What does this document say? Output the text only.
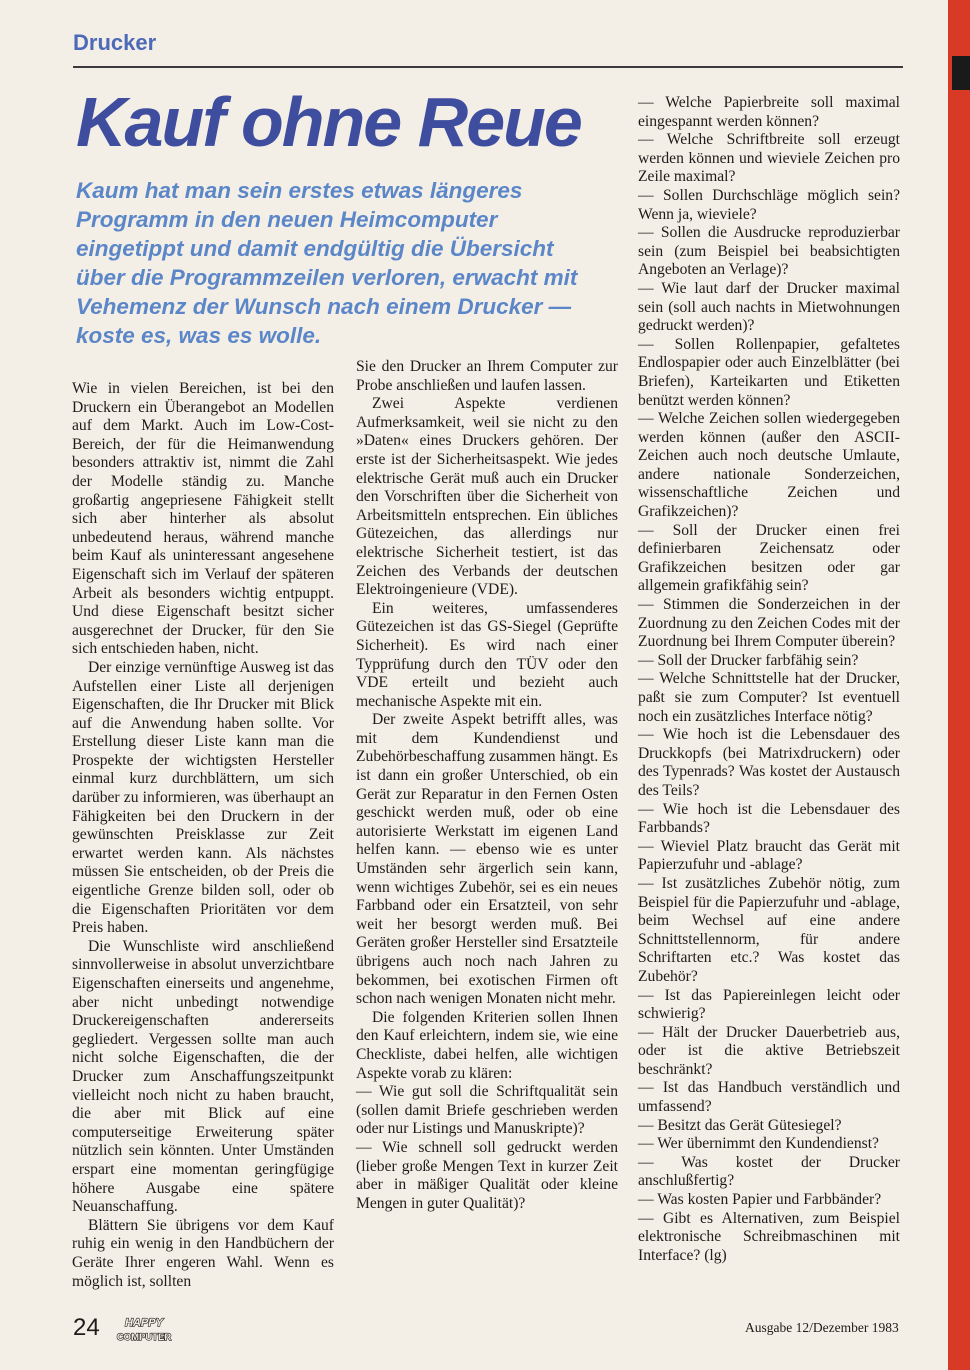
Drucker
Kauf ohne Reue
Kaum hat man sein erstes etwas längeres Programm in den neuen Heimcomputer eingetippt und damit endgültig die Übersicht über die Programmzeilen verloren, erwacht mit Vehemenz der Wunsch nach einem Drucker — koste es, was es wolle.

Wie in vielen Bereichen, ist bei den Druckern ein Überangebot an Modellen auf dem Markt. Auch im Low-Cost-Bereich, der für die Heimanwendung besonders attraktiv ist, nimmt die Zahl der Modelle ständig zu. Manche großartig angepriesene Fähigkeit stellt sich aber hinterher als absolut unbedeutend heraus, während manche beim Kauf als uninteressant angesehene Eigenschaft sich im Verlauf der späteren Arbeit als besonders wichtig entpuppt. Und diese Eigenschaft besitzt sicher ausgerechnet der Drucker, für den Sie sich entschieden haben, nicht.

Der einzige vernünftige Ausweg ist das Aufstellen einer Liste all derjenigen Eigenschaften, die Ihr Drucker mit Blick auf die Anwendung haben sollte. Vor Erstellung dieser Liste kann man die Prospekte der wichtigsten Hersteller einmal kurz durchblättern, um sich darüber zu informieren, was überhaupt an Fähigkeiten bei den Druckern in der gewünschten Preisklasse zur Zeit erwartet werden kann. Als nächstes müssen Sie entscheiden, ob der Preis die eigentliche Grenze bilden soll, oder ob die Eigenschaften Prioritäten vor dem Preis haben.

Die Wunschliste wird anschließend sinnvollerweise in absolut unverzichtbare Eigenschaften einerseits und angenehme, aber nicht unbedingt notwendige Druckereigenschaften andererseits gegliedert. Vergessen sollte man auch nicht solche Eigenschaften, die der Drucker zum Anschaffungszeitpunkt vielleicht noch nicht zu haben braucht, die aber mit Blick auf eine computerseitige Erweiterung später nützlich sein könnten. Unter Umständen erspart eine momentan geringfügige höhere Ausgabe eine spätere Neuanschaffung.

Blättern Sie übrigens vor dem Kauf ruhig ein wenig in den Handbüchern der Geräte Ihrer engeren Wahl. Wenn es möglich ist, sollten

Sie den Drucker an Ihrem Computer zur Probe anschließen und laufen lassen.

Zwei Aspekte verdienen Aufmerksamkeit, weil sie nicht zu den »Daten« eines Druckers gehören. Der erste ist der Sicherheitsaspekt. Wie jedes elektrische Gerät muß auch ein Drucker den Vorschriften über die Sicherheit von Arbeitsmitteln entsprechen. Ein übliches Gütezeichen, das allerdings nur elektrische Sicherheit testiert, ist das Zeichen des Verbands der deutschen Elektroingenieure (VDE).

Ein weiteres, umfassenderes Gütezeichen ist das GS-Siegel (Geprüfte Sicherheit). Es wird nach einer Typprüfung durch den TÜV oder den VDE erteilt und bezieht auch mechanische Aspekte mit ein.

Der zweite Aspekt betrifft alles, was mit dem Kundendienst und Zubehörbeschaffung zusammen hängt. Es ist dann ein großer Unterschied, ob ein Gerät zur Reparatur in den Fernen Osten geschickt werden muß, oder ob eine autorisierte Werkstatt im eigenen Land helfen kann. — ebenso wie es unter Umständen sehr ärgerlich sein kann, wenn wichtiges Zubehör, sei es ein neues Farbband oder ein Ersatzteil, von sehr weit her besorgt werden muß. Bei Geräten großer Hersteller sind Ersatzteile übrigens auch noch nach Jahren zu bekommen, bei exotischen Firmen oft schon nach wenigen Monaten nicht mehr.

Die folgenden Kriterien sollen Ihnen den Kauf erleichtern, indem sie, wie eine Checkliste, dabei helfen, alle wichtigen Aspekte vorab zu klären:

— Wie gut soll die Schriftqualität sein (sollen damit Briefe geschrieben werden oder nur Listings und Manuskripte)?

— Wie schnell soll gedruckt werden (lieber große Mengen Text in kurzer Zeit aber in mäßiger Qualität oder kleine Mengen in guter Qualität)?

— Welche Papierbreite soll maximal eingespannt werden können?

— Welche Schriftbreite soll erzeugt werden können und wieviele Zeichen pro Zeile maximal?

— Sollen Durchschläge möglich sein? Wenn ja, wieviele?

— Sollen die Ausdrucke reproduzierbar sein (zum Beispiel bei beabsichtigten Angeboten an Verlage)?

— Wie laut darf der Drucker maximal sein (soll auch nachts in Mietwohnungen gedruckt werden)?

— Sollen Rollenpapier, gefaltetes Endlospapier oder auch Einzelblätter (bei Briefen), Karteikarten und Etiketten benützt werden können?

— Welche Zeichen sollen wiedergegeben werden können (außer den ASCII-Zeichen auch noch deutsche Umlaute, andere nationale Sonderzeichen, wissenschaftliche Zeichen und Grafikzeichen)?

— Soll der Drucker einen frei definierbaren Zeichensatz oder Grafikzeichen besitzen oder gar allgemein grafikfähig sein?

— Stimmen die Sonderzeichen in der Zuordnung zu den Zeichen Codes mit der Zuordnung bei Ihrem Computer überein?

— Soll der Drucker farbfähig sein?

— Welche Schnittstelle hat der Drucker, paßt sie zum Computer? Ist eventuell noch ein zusätzliches Interface nötig?

— Wie hoch ist die Lebensdauer des Druckkopfs (bei Matrixdruckern) oder des Typenrads? Was kostet der Austausch des Teils?

— Wie hoch ist die Lebensdauer des Farbbands?

— Wieviel Platz braucht das Gerät mit Papierzufuhr und -ablage?

— Ist zusätzliches Zubehör nötig, zum Beispiel für die Papierzufuhr und -ablage, beim Wechsel auf eine andere Schnittstellennorm, für andere Schriftarten etc.? Was kostet das Zubehör?

— Ist das Papiereinlegen leicht oder schwierig?

— Hält der Drucker Dauerbetrieb aus, oder ist die aktive Betriebszeit beschränkt?

— Ist das Handbuch verständlich und umfassend?

— Besitzt das Gerät Gütesiegel?

— Wer übernimmt den Kundendienst?

— Was kostet der Drucker anschlußfertig?

— Was kosten Papier und Farbbänder?

— Gibt es Alternativen, zum Beispiel elektronische Schreibmaschinen mit Interface? (lg)

24 HAPPY
COMPUTER
Ausgabe 12/Dezember 1983
